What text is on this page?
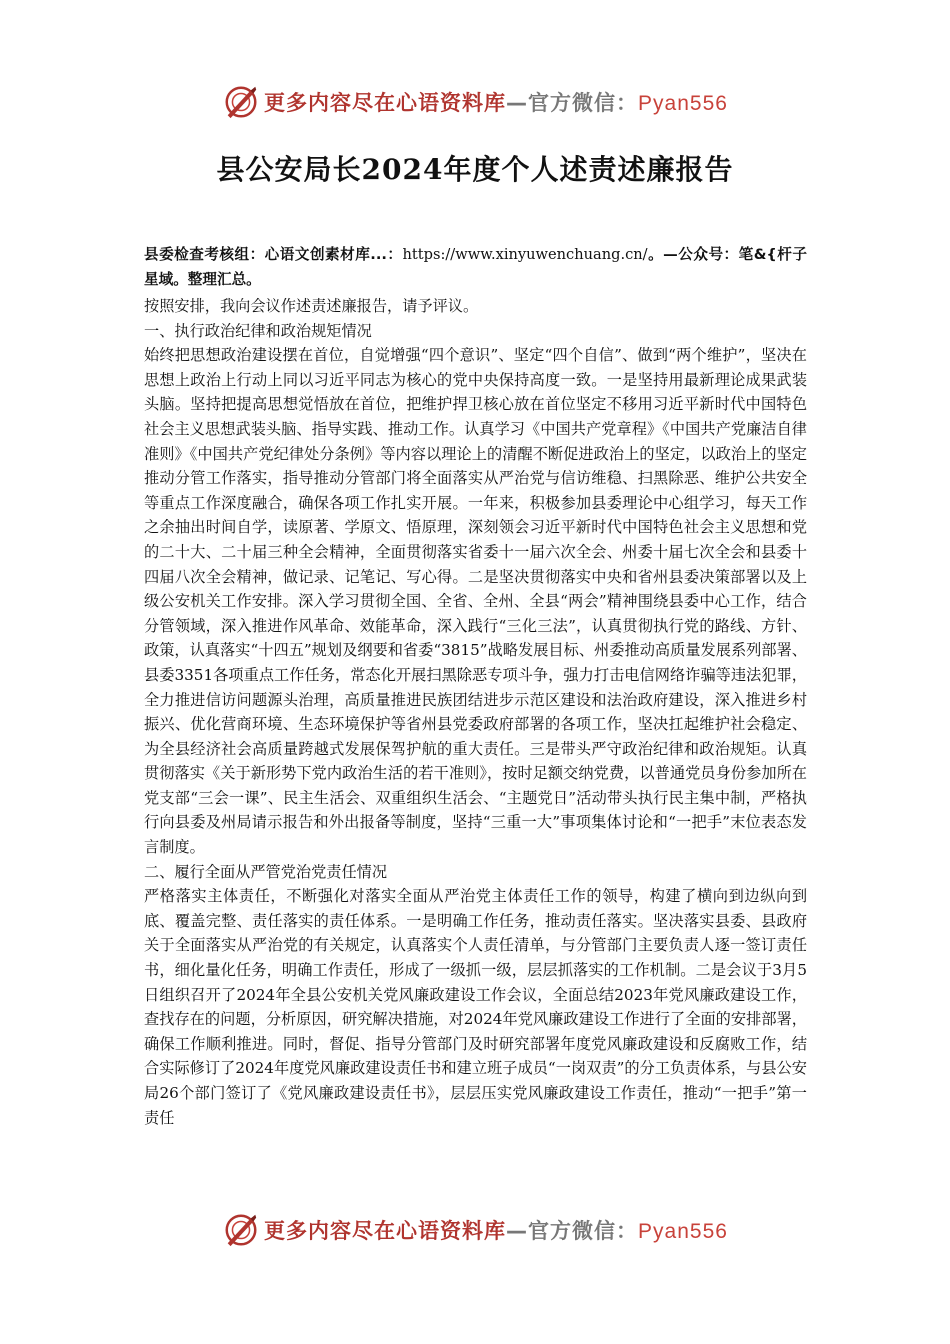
更多内容尽在心语资料库—官方微信：Pyan556
县公安局长2024年度个人述责述廉报告

县委检查考核组：心语文创素材库...：https://www.xinyuwenchuang.cn/。—公众号：笔&{杆子星域。整理汇总。

按照安排，我向会议作述责述廉报告，请予评议。

一、执行政治纪律和政治规矩情况

始终把思想政治建设摆在首位，自觉增强“四个意识”、坚定“四个自信”、做到“两个维护”，坚决在思想上政治上行动上同以习近平同志为核心的党中央保持高度一致。一是坚持用最新理论成果武装头脑。坚持把提高思想觉悟放在首位，把维护捍卫核心放在首位坚定不移用习近平新时代中国特色社会主义思想武装头脑、指导实践、推动工作。认真学习《中国共产党章程》《中国共产党廉洁自律准则》《中国共产党纪律处分条例》等内容以理论上的清醒不断促进政治上的坚定，以政治上的坚定推动分管工作落实，指导推动分管部门将全面落实从严治党与信访维稳、扫黑除恶、维护公共安全等重点工作深度融合，确保各项工作扎实开展。一年来，积极参加县委理论中心组学习，每天工作之余抽出时间自学，读原著、学原文、悟原理，深刻领会习近平新时代中国特色社会主义思想和党的二十大、二十届三种全会精神，全面贯彻落实省委十一届六次全会、州委十届七次全会和县委十四届八次全会精神，做记录、记笔记、写心得。二是坚决贯彻落实中央和省州县委决策部署以及上级公安机关工作安排。深入学习贯彻全国、全省、全州、全县“两会”精神围绕县委中心工作，结合分管领域，深入推进作风革命、效能革命，深入践行“三化三法”，认真贯彻执行党的路线、方针、政策，认真落实“十四五”规划及纲要和省委“3815”战略发展目标、州委推动高质量发展系列部署、县委3351各项重点工作任务，常态化开展扫黑除恶专项斗争，强力打击电信网络诈骗等违法犯罪，全力推进信访问题源头治理，高质量推进民族团结进步示范区建设和法治政府建设，深入推进乡村振兴、优化营商环境、生态环境保护等省州县党委政府部署的各项工作，坚决扛起维护社会稳定、为全县经济社会高质量跨越式发展保驾护航的重大责任。三是带头严守政治纪律和政治规矩。认真贯彻落实《关于新形势下党内政治生活的若干准则》，按时足额交纳党费，以普通党员身份参加所在党支部“三会一课”、民主生活会、双重组织生活会、“主题党日”活动带头执行民主集中制，严格执行向县委及州局请示报告和外出报备等制度，坚持“三重一大”事项集体讨论和“一把手”末位表态发言制度。

二、履行全面从严管党治党责任情况

严格落实主体责任，不断强化对落实全面从严治党主体责任工作的领导，构建了横向到边纵向到底、覆盖完整、责任落实的责任体系。一是明确工作任务，推动责任落实。坚决落实县委、县政府关于全面落实从严治党的有关规定，认真落实个人责任清单，与分管部门主要负责人逐一签订责任书，细化量化任务，明确工作责任，形成了一级抓一级，层层抓落实的工作机制。二是会议于3月5日组织召开了2024年全县公安机关党风廉政建设工作会议，全面总结2023年党风廉政建设工作，查找存在的问题，分析原因，研究解决措施，对2024年党风廉政建设工作进行了全面的安排部署，确保工作顺利推进。同时，督促、指导分管部门及时研究部署年度党风廉政建设和反腐败工作，结合实际修订了2024年度党风廉政建设责任书和建立班子成员“一岗双责”的分工负责体系，与县公安局26个部门签订了《党风廉政建设责任书》，层层压实党风廉政建设工作责任，推动“一把手”第一责任

更多内容尽在心语资料库—官方微信：Pyan556
